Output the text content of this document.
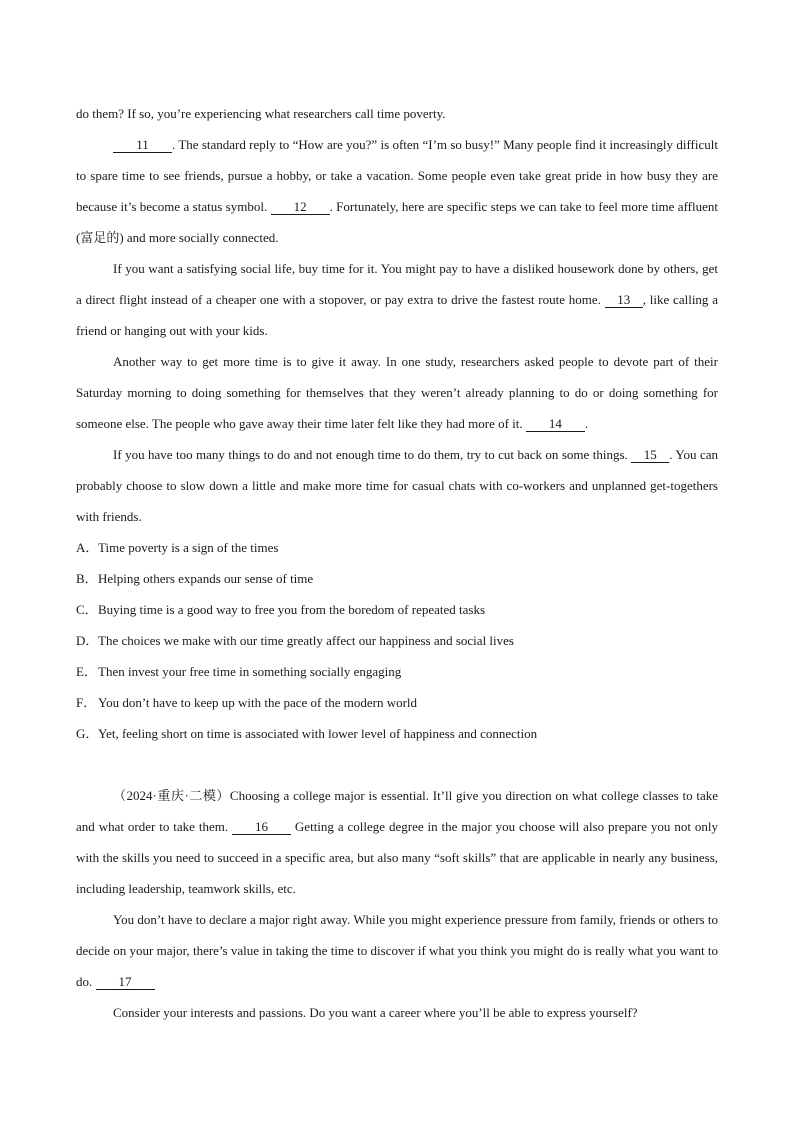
do them? If so, you’re experiencing what researchers call time poverty.

11 . The standard reply to “How are you?” is often “I’m so busy!” Many people find it increasingly difficult to spare time to see friends, pursue a hobby, or take a vacation. Some people even take great pride in how busy they are because it’s become a status symbol. 12 . Fortunately, here are specific steps we can take to feel more time affluent (富足的) and more socially connected.

If you want a satisfying social life, buy time for it. You might pay to have a disliked housework done by others, get a direct flight instead of a cheaper one with a stopover, or pay extra to drive the fastest route home. 13 , like calling a friend or hanging out with your kids.

Another way to get more time is to give it away. In one study, researchers asked people to devote part of their Saturday morning to doing something for themselves that they weren’t already planning to do or doing something for someone else. The people who gave away their time later felt like they had more of it. 14 .

If you have too many things to do and not enough time to do them, try to cut back on some things. 15 . You can probably choose to slow down a little and make more time for casual chats with co-workers and unplanned get-togethers with friends.

A．Time poverty is a sign of the times

B．Helping others expands our sense of time

C．Buying time is a good way to free you from the boredom of repeated tasks

D．The choices we make with our time greatly affect our happiness and social lives

E．Then invest your free time in something socially engaging

F． You don’t have to keep up with the pace of the modern world

G．Yet, feeling short on time is associated with lower level of happiness and connection

（2024·重庆·二模）Choosing a college major is essential. It’ll give you direction on what college classes to take and what order to take them. 16 Getting a college degree in the major you choose will also prepare you not only with the skills you need to succeed in a specific area, but also many “soft skills” that are applicable in nearly any business, including leadership, teamwork skills, etc.

You don’t have to declare a major right away. While you might experience pressure from family, friends or others to decide on your major, there’s value in taking the time to discover if what you think you might do is really what you want to do. 17

Consider your interests and passions. Do you want a career where you’ll be able to express yourself?
